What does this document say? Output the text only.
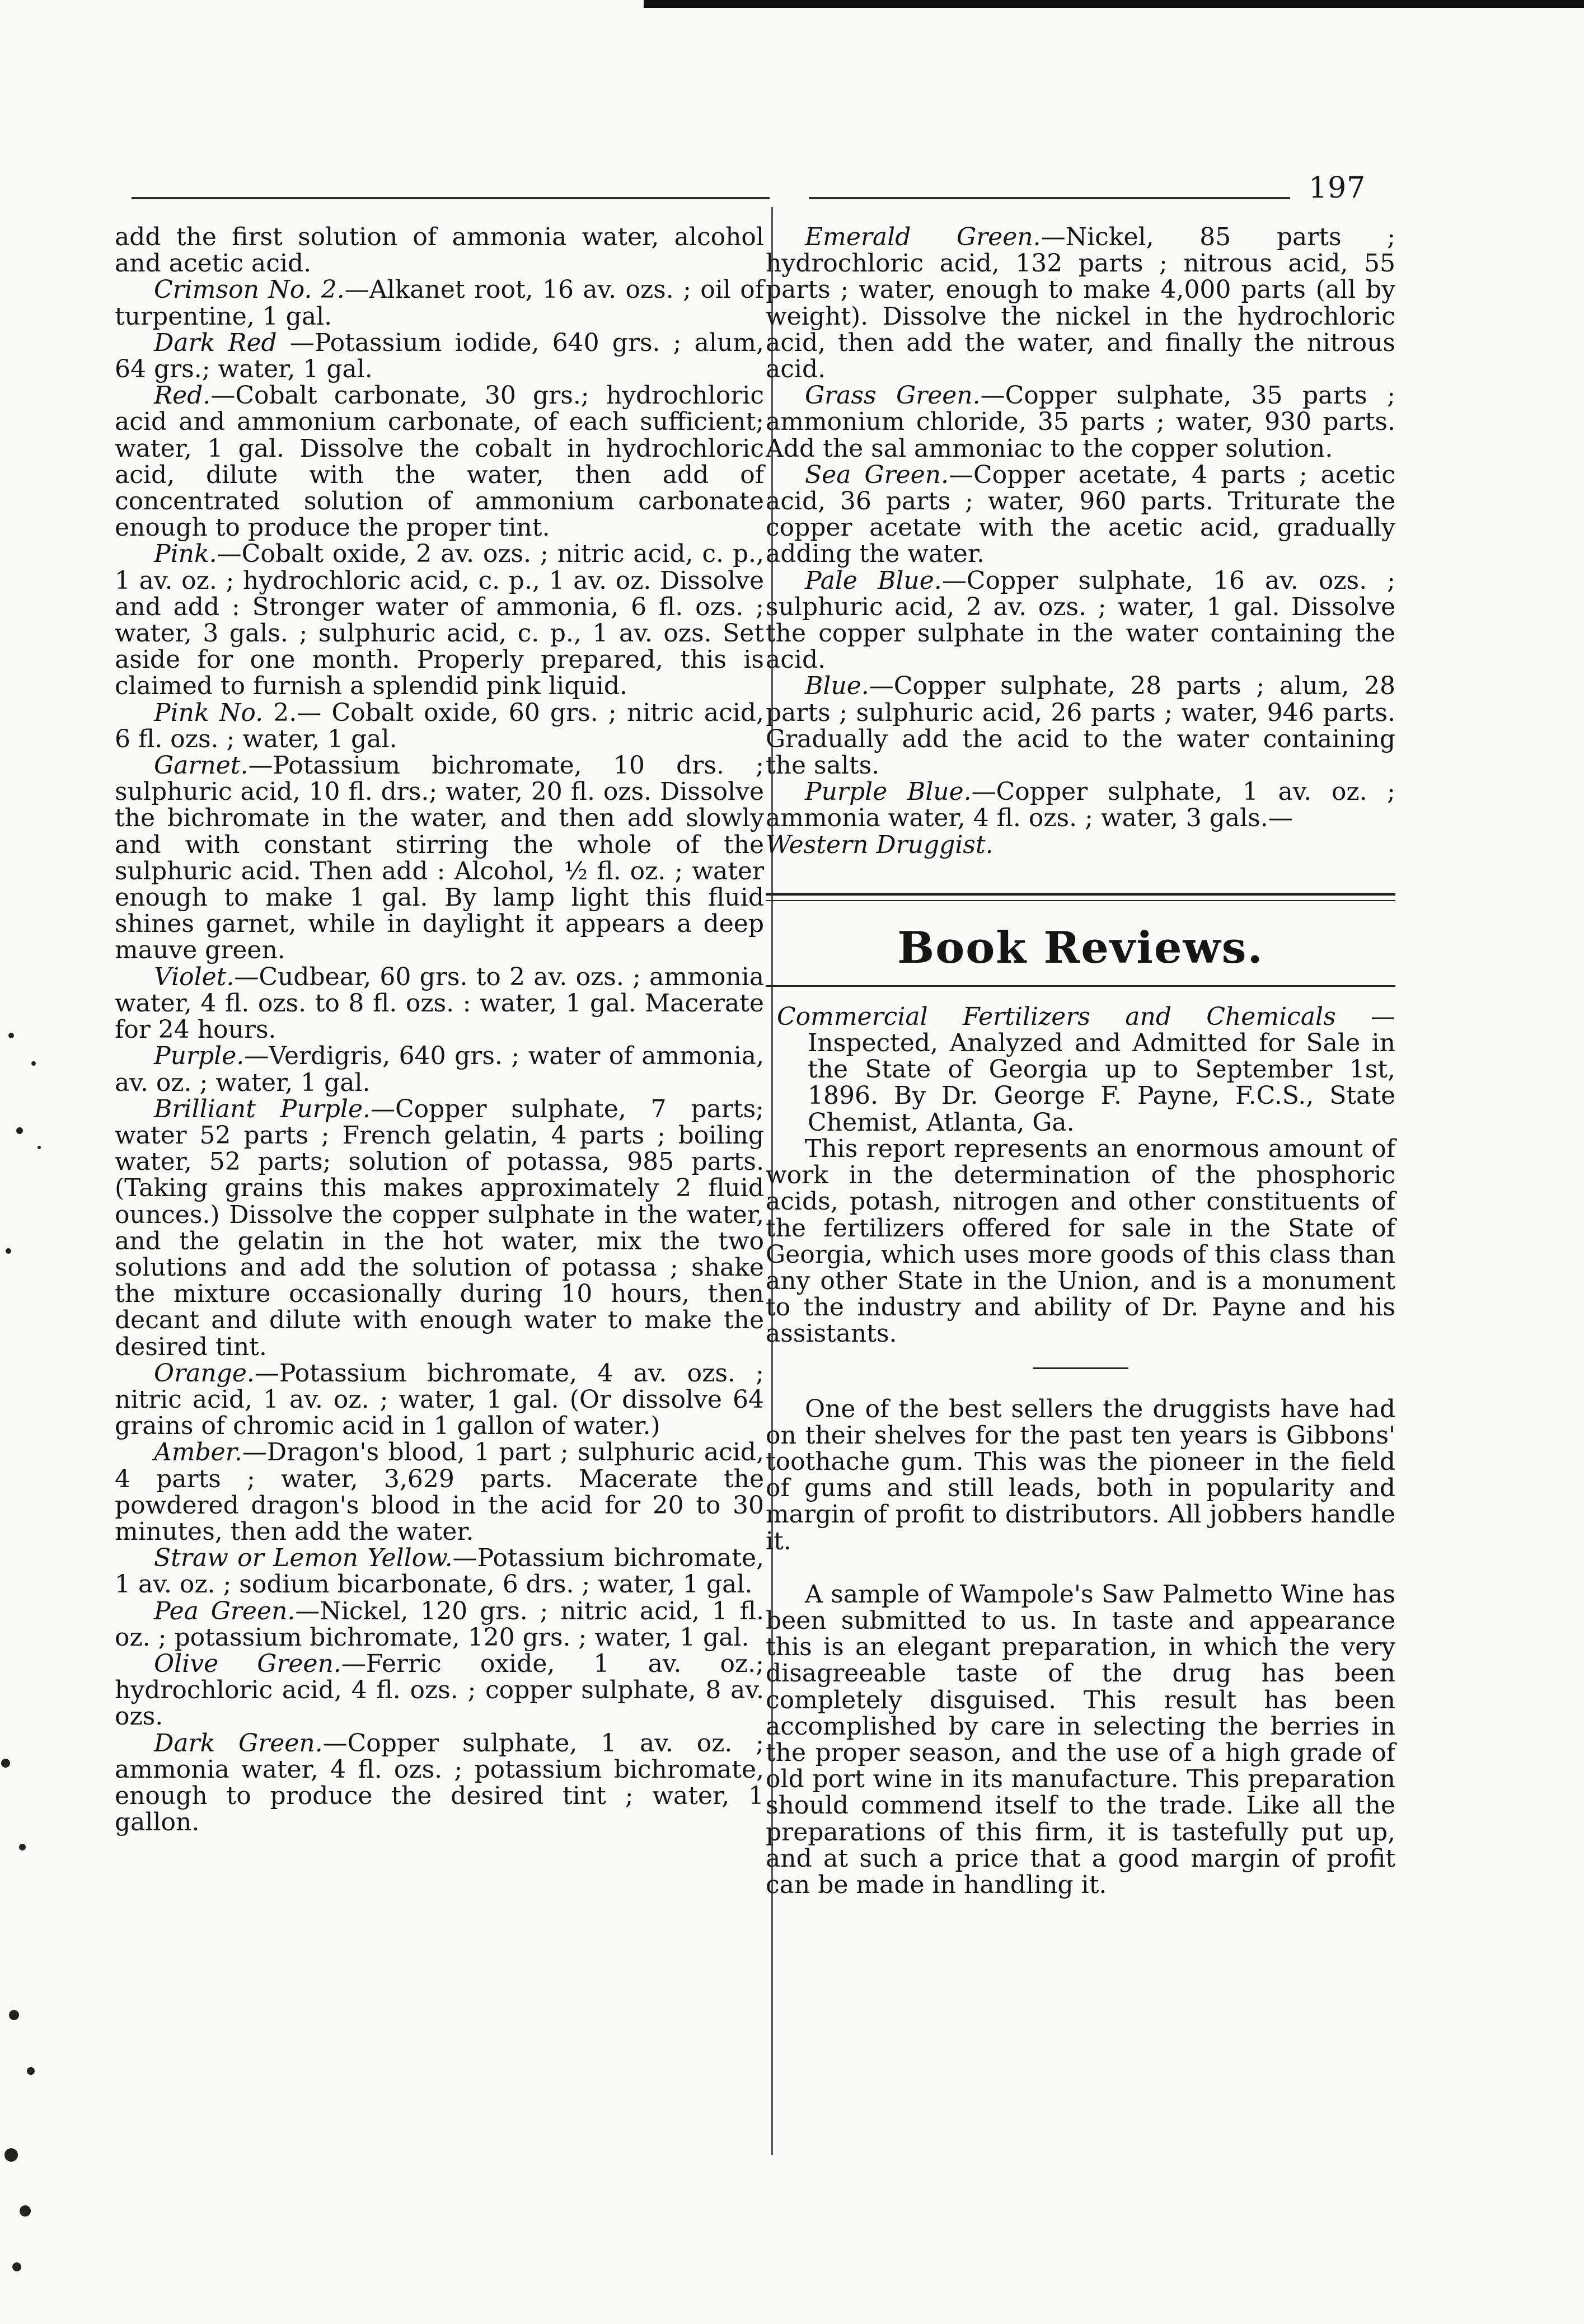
197

add the first solution of ammonia water, alcohol and acetic acid.

Crimson No. 2.—Alkanet root, 16 av. ozs. ; oil of turpentine, 1 gal.

Dark Red —Potassium iodide, 640 grs. ; alum, 64 grs.; water, 1 gal.

Red.—Cobalt carbonate, 30 grs.; hydrochloric acid and ammonium carbonate, of each sufficient; water, 1 gal. Dissolve the cobalt in hydrochloric acid, dilute with the water, then add of concentrated solution of ammonium carbonate enough to produce the proper tint.

Pink.—Cobalt oxide, 2 av. ozs. ; nitric acid, c. p., 1 av. oz. ; hydrochloric acid, c. p., 1 av. oz. Dissolve and add : Stronger water of ammonia, 6 fl. ozs. ; water, 3 gals. ; sulphuric acid, c. p., 1 av. ozs. Set aside for one month. Properly prepared, this is claimed to furnish a splendid pink liquid.

Pink No. 2.— Cobalt oxide, 60 grs. ; nitric acid, 6 fl. ozs. ; water, 1 gal.

Garnet.—Potassium bichromate, 10 drs. ; sulphuric acid, 10 fl. drs.; water, 20 fl. ozs. Dissolve the bichromate in the water, and then add slowly and with constant stirring the whole of the sulphuric acid. Then add : Alcohol, ½ fl. oz. ; water enough to make 1 gal. By lamp light this fluid shines garnet, while in daylight it appears a deep mauve green.

Violet.—Cudbear, 60 grs. to 2 av. ozs. ; ammonia water, 4 fl. ozs. to 8 fl. ozs. : water, 1 gal. Macerate for 24 hours.

Purple.—Verdigris, 640 grs. ; water of ammonia, av. oz. ; water, 1 gal.

Brilliant Purple.—Copper sulphate, 7 parts; water 52 parts ; French gelatin, 4 parts ; boiling water, 52 parts; solution of potassa, 985 parts. (Taking grains this makes approximately 2 fluid ounces.) Dissolve the copper sulphate in the water, and the gelatin in the hot water, mix the two solutions and add the solution of potassa ; shake the mixture occasionally during 10 hours, then decant and dilute with enough water to make the desired tint.

Orange.—Potassium bichromate, 4 av. ozs. ; nitric acid, 1 av. oz. ; water, 1 gal. (Or dissolve 64 grains of chromic acid in 1 gallon of water.)

Amber.—Dragon's blood, 1 part ; sulphuric acid, 4 parts ; water, 3,629 parts. Macerate the powdered dragon's blood in the acid for 20 to 30 minutes, then add the water.

Straw or Lemon Yellow.—Potassium bichromate, 1 av. oz. ; sodium bicarbonate, 6 drs. ; water, 1 gal.

Pea Green.—Nickel, 120 grs. ; nitric acid, 1 fl. oz. ; potassium bichromate, 120 grs. ; water, 1 gal.

Olive Green.—Ferric oxide, 1 av. oz.; hydrochloric acid, 4 fl. ozs. ; copper sulphate, 8 av. ozs.

Dark Green.—Copper sulphate, 1 av. oz. ; ammonia water, 4 fl. ozs. ; potassium bichromate, enough to produce the desired tint ; water, 1 gallon.

Emerald Green.—Nickel, 85 parts ; hydrochloric acid, 132 parts ; nitrous acid, 55 parts ; water, enough to make 4,000 parts (all by weight). Dissolve the nickel in the hydrochloric acid, then add the water, and finally the nitrous acid.

Grass Green.—Copper sulphate, 35 parts ; ammonium chloride, 35 parts ; water, 930 parts. Add the sal ammoniac to the copper solution.

Sea Green.—Copper acetate, 4 parts ; acetic acid, 36 parts ; water, 960 parts. Triturate the copper acetate with the acetic acid, gradually adding the water.

Pale Blue.—Copper sulphate, 16 av. ozs. ; sulphuric acid, 2 av. ozs. ; water, 1 gal. Dissolve the copper sulphate in the water containing the acid.

Blue.—Copper sulphate, 28 parts ; alum, 28 parts ; sulphuric acid, 26 parts ; water, 946 parts. Gradually add the acid to the water containing the salts.

Purple Blue.—Copper sulphate, 1 av. oz. ; ammonia water, 4 fl. ozs. ; water, 3 gals.—

Western Druggist.

Book Reviews.

Commercial Fertilizers and Chemicals — Inspected, Analyzed and Admitted for Sale in the State of Georgia up to September 1st, 1896. By Dr. George F. Payne, F.C.S., State Chemist, Atlanta, Ga.

This report represents an enormous amount of work in the determination of the phosphoric acids, potash, nitrogen and other constituents of the fertilizers offered for sale in the State of Georgia, which uses more goods of this class than any other State in the Union, and is a monument to the industry and ability of Dr. Payne and his assistants.

One of the best sellers the druggists have had on their shelves for the past ten years is Gibbons' toothache gum. This was the pioneer in the field of gums and still leads, both in popularity and margin of profit to distributors. All jobbers handle it.

A sample of Wampole's Saw Palmetto Wine has been submitted to us. In taste and appearance this is an elegant preparation, in which the very disagreeable taste of the drug has been completely disguised. This result has been accomplished by care in selecting the berries in the proper season, and the use of a high grade of old port wine in its manufacture. This preparation should commend itself to the trade. Like all the preparations of this firm, it is tastefully put up, and at such a price that a good margin of profit can be made in handling it.
